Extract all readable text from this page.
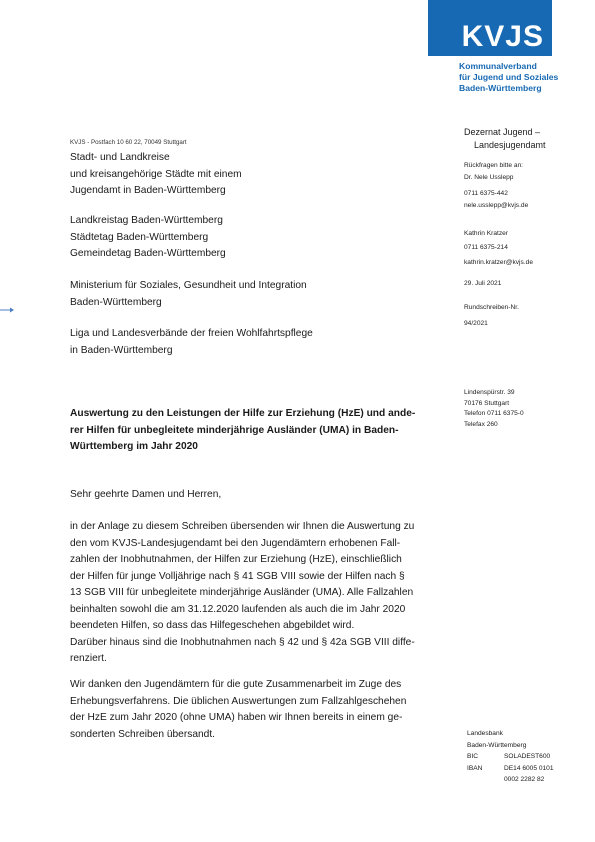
KVJS
Kommunalverband
für Jugend und Soziales
Baden-Württemberg
KVJS - Postfach 10 60 22, 70049 Stuttgart
Stadt- und Landkreise
und kreisangehörige Städte mit einem
Jugendamt in Baden-Württemberg
Landkreistag Baden-Württemberg
Städtetag Baden-Württemberg
Gemeindetag Baden-Württemberg
Ministerium für Soziales, Gesundheit und Integration
Baden-Württemberg
Liga und Landesverbände der freien Wohlfahrtspflege
in Baden-Württemberg
Dezernat Jugend –
Landesjugendamt
Rückfragen bitte an:
Dr. Nele Usslepp
0711 6375-442
nele.usslepp@kvjs.de
Kathrin Kratzer
0711 6375-214
kathrin.kratzer@kvjs.de
29. Juli 2021
Rundschreiben-Nr.
94/2021
Lindenspürstr. 39
70176 Stuttgart
Telefon 0711 6375-0
Telefax 260
Auswertung zu den Leistungen der Hilfe zur Erziehung (HzE) und ande-
rer Hilfen für unbegleitete minderjährige Ausländer (UMA) in Baden-
Württemberg im Jahr 2020
Sehr geehrte Damen und Herren,
in der Anlage zu diesem Schreiben übersenden wir Ihnen die Auswertung zu
den vom KVJS-Landesjugendamt bei den Jugendämtern erhobenen Fall-
zahlen der Inobhutnahmen, der Hilfen zur Erziehung (HzE), einschließlich
der Hilfen für junge Volljährige nach § 41 SGB VIII sowie der Hilfen nach §
13 SGB VIII für unbegleitete minderjährige Ausländer (UMA). Alle Fallzahlen
beinhalten sowohl die am 31.12.2020 laufenden als auch die im Jahr 2020
beendeten Hilfen, so dass das Hilfegeschehen abgebildet wird.
Darüber hinaus sind die Inobhutnahmen nach § 42 und § 42a SGB VIII diffe-
renziert.
Wir danken den Jugendämtern für die gute Zusammenarbeit im Zuge des
Erhebungsverfahrens. Die üblichen Auswertungen zum Fallzahlgeschehen
der HzE zum Jahr 2020 (ohne UMA) haben wir Ihnen bereits in einem ge-
sonderten Schreiben übersandt.	Landesbank
Baden-Württemberg
BIC	SOLADEST600
IBAN	DE14 6005 0101
0002 2282 82
